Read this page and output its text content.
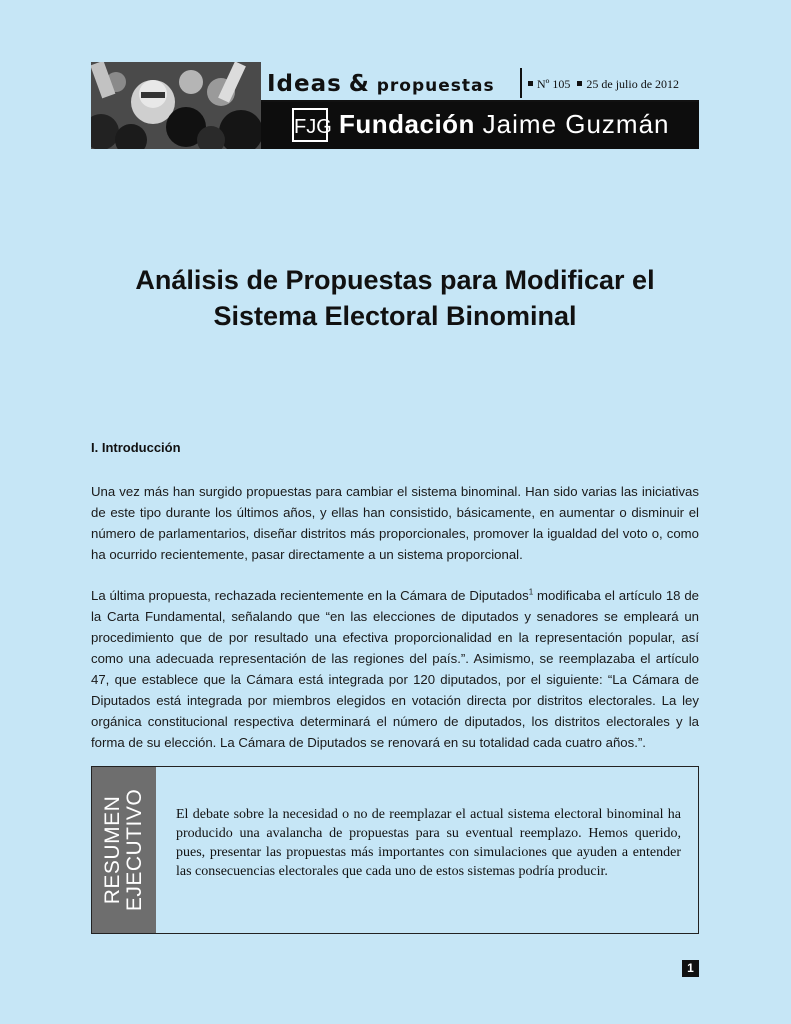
Ideas & propuestas	Nº 105 25 de julio de 2012
FJG Fundación Jaime Guzmán
Análisis de Propuestas para Modificar el
Sistema Electoral Binominal
I. Introducción
Una vez más han surgido propuestas para cambiar el sistema binominal. Han sido varias las iniciativas de este tipo durante los últimos años, y ellas han consistido, básicamente, en aumentar o disminuir el número de parlamentarios, diseñar distritos más proporcionales, promover la igualdad del voto o, como ha ocurrido recientemente, pasar directamente a un sistema proporcional.
La última propuesta, rechazada recientemente en la Cámara de Diputados$^1$ modificaba el artículo 18 de la Carta Fundamental, señalando que “en las elecciones de diputados y senadores se empleará un procedimiento que de por resultado una efectiva proporcionalidad en la representación popular, así como una adecuada representación de las regiones del país.”. Asimismo, se reemplazaba el artículo 47, que establece que la Cámara está integrada por 120 diputados, por el siguiente: “La Cámara de Diputados está integrada por miembros elegidos en votación directa por distritos electorales. La ley orgánica constitucional respectiva determinará el número de diputados, los distritos electorales y la forma de su elección. La Cámara de Diputados se renovará en su totalidad cada cuatro años.”.
RESUMEN EJECUTIVO El debate sobre la necesidad o no de reemplazar el actual sistema electoral binominal ha producido una avalancha de propuestas para su eventual reemplazo. Hemos querido, pues, presentar las propuestas más importantes con simulaciones que ayuden a entender las consecuencias electorales que cada uno de estos sistemas podría producir.
1
